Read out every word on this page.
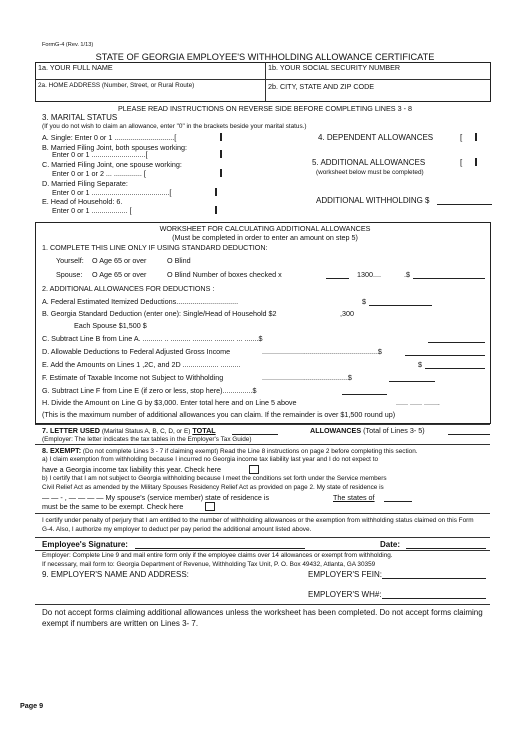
FormG-4 (Rev. 1/13)
STATE OF GEORGIA EMPLOYEE'S WITHHOLDING ALLOWANCE CERTIFICATE
1a. YOUR FULL NAME	1b. YOUR SOCIAL SECURITY NUMBER
2a. HOME ADDRESS (Number, Street, or Rural Route)	2b. CITY, STATE AND ZIP CODE
PLEASE READ INSTRUCTIONS ON REVERSE SIDE BEFORE COMPLETING LINES 3 - 8
3. MARITAL STATUS
(If you do not wish to claim an allowance, enter "0" in the brackets beside your marital status.)
A. Single: Enter 0 or 1 ..............................[
B. Married Filing Joint, both spouses working:
Enter 0 or 1 ...........................[
C. Married Filing Joint, one spouse working:
Enter 0 or 1 or 2 ... .............. [
D. Married Filing Separate:
Enter 0 or 1 .......................................[
E. Head of Household: 6.
Enter 0 or 1 .................. [
4. DEPENDENT ALLOWANCES	[
5. ADDITIONAL ALLOWANCES	[
(worksheet below must be completed)
ADDITIONAL WITHHOLDING $
WORKSHEET FOR CALCULATING ADDITIONAL ALLOWANCES
(Must be completed in order to enter an amount on step 5)
1. COMPLETE THIS LINE ONLY IF USING STANDARD DEDUCTION:
Yourself: O Age 65 or over	O Blind
Spouse: O Age 65 or over	O Blind Number of boxes checked x	1300....	.$
2. ADDITIONAL ALLOWANCES FOR DEDUCTIONS :
A. Federal Estimated Itemized Deductions...............................	$
B. Georgia Standard Deduction (enter one): Single/Head of Household $2	,300
Each Spouse $1,500 $
C. Subtract Line B from Line A. .......... .. .......... .......... .......... ... .......$
D. Allowable Deductions to Federal Adjusted Gross Income	..........................................................$
E. Add the Amounts on Lines 1 ,2C, and 2D .................. ..........	$
F. Estimate of Taxable Income not Subject to Withholding	...........................................$
G. Subtract Line F from Line E (if zero or less, stop here)...............$
H. Divide the Amount on Line G by $3,000. Enter total here and on Line 5 above	...... ...... ........
(This is the maximum number of additional allowances you can claim. If the remainder is over $1,500 round up)
7. LETTER USED (Marital Status A, B, C, D, or E) TOTAL	ALLOWANCES (Total of Lines 3- 5)
(Employer: The letter indicates the tax tables in the Employer's Tax Guide)
8. EXEMPT: (Do not complete Lines 3 - 7 if claiming exempt) Read the Line 8 instructions on page 2 before completing this section.
a) I claim exemption from withholding because I incurred no Georgia income tax liability last year and I do not expect to
have a Georgia income tax liability this year. Check here
b) I certify that I am not subject to Georgia withholding because I meet the conditions set forth under the Service members
Civil Relief Act as amended by the Military Spouses Residency Relief Act as provided on page 2. My state of residence is
— — - , — — — — My spouse's (service member) state of residence is	The states of
must be the same to be exempt. Check here
I certify under penalty of perjury that I am entitled to the number of withholding allowances or the exemption from withholding status claimed on this Form G-4. Also, I authorize my employer to deduct per pay period the additional amount listed above.
Employee's Signature:	Date:
Employer: Complete Line 9 and mail entire form only if the employee claims over 14 allowances or exempt from withholding.
If necessary, mail form to: Georgia Department of Revenue, Withholding Tax Unit, P. O. Box 49432, Atlanta, GA 30359
9. EMPLOYER'S NAME AND ADDRESS:	EMPLOYER'S FEIN:
EMPLOYER'S WH#:
Do not accept forms claiming additional allowances unless the worksheet has been completed. Do not accept forms claiming exempt if numbers are written on Lines 3- 7.
Page 9
